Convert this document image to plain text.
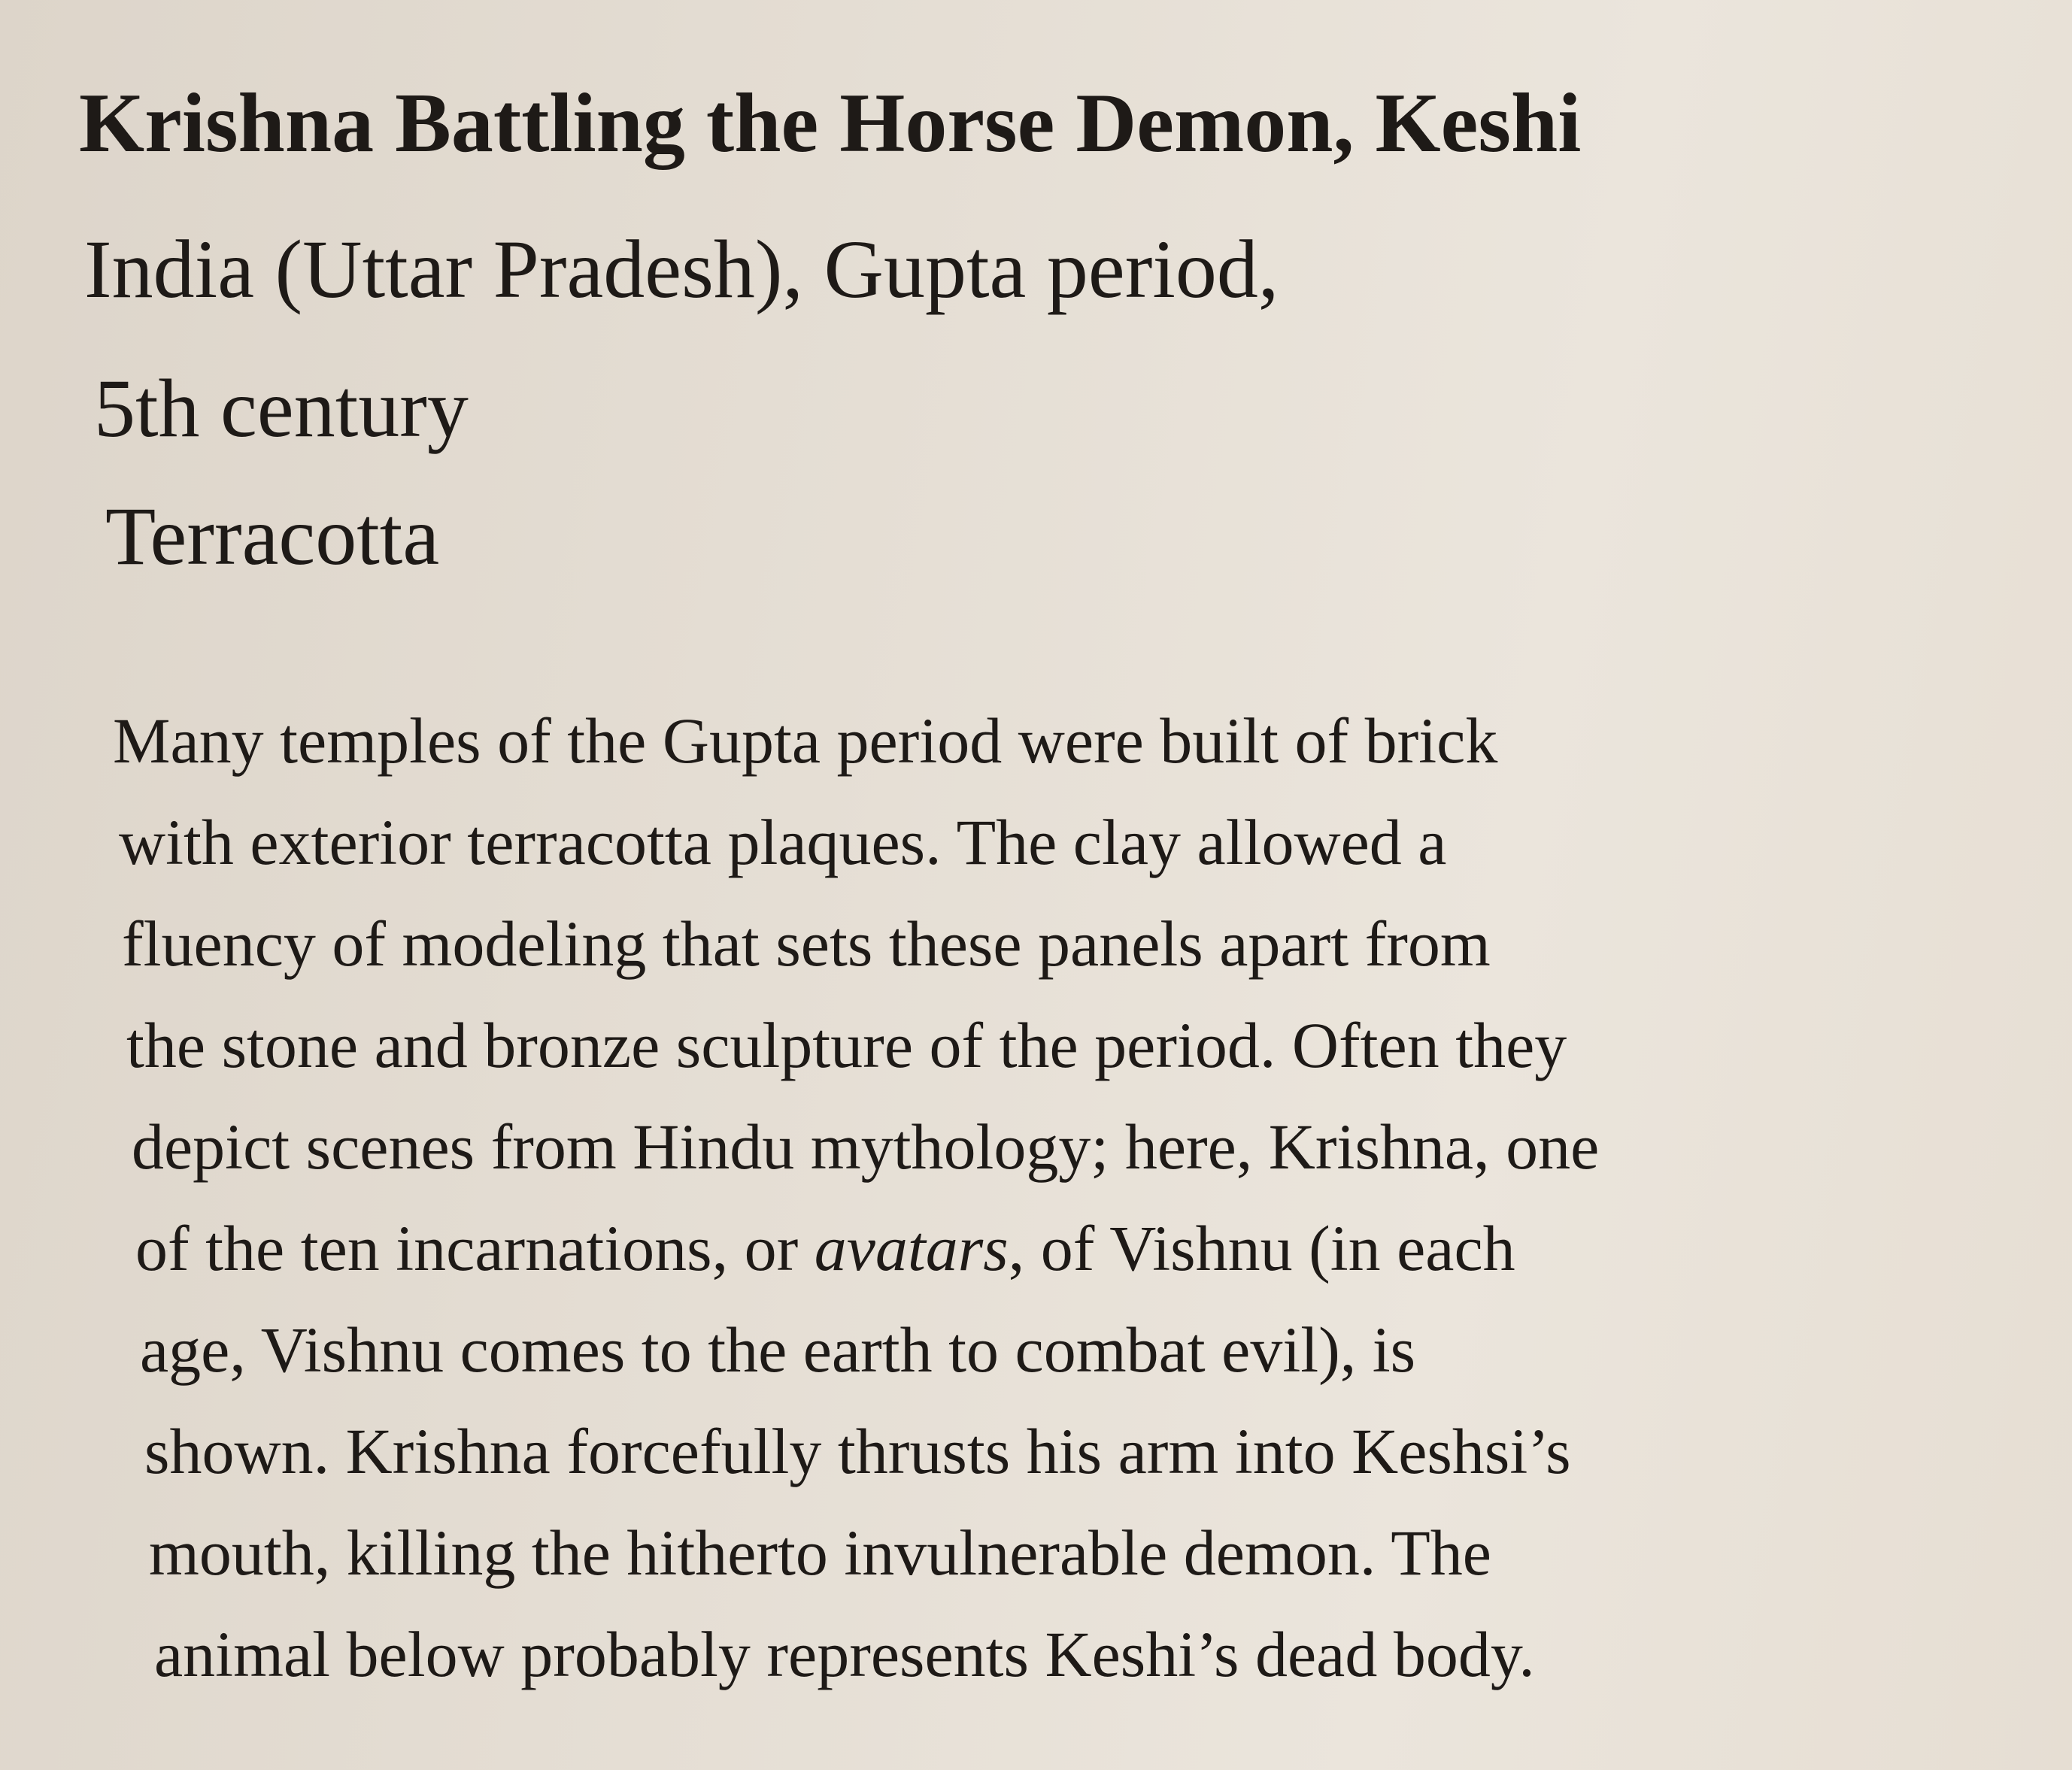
Krishna Battling the Horse Demon, Keshi

India (Uttar Pradesh), Gupta period,

5th century

Terracotta

Many temples of the Gupta period were built of brick

with exterior terracotta plaques. The clay allowed a

fluency of modeling that sets these panels apart from

the stone and bronze sculpture of the period. Often they

depict scenes from Hindu mythology; here, Krishna, one

of the ten incarnations, or avatars, of Vishnu (in each

age, Vishnu comes to the earth to combat evil), is

shown. Krishna forcefully thrusts his arm into Keshsi’s

mouth, killing the hitherto invulnerable demon. The

animal below probably represents Keshi’s dead body.
